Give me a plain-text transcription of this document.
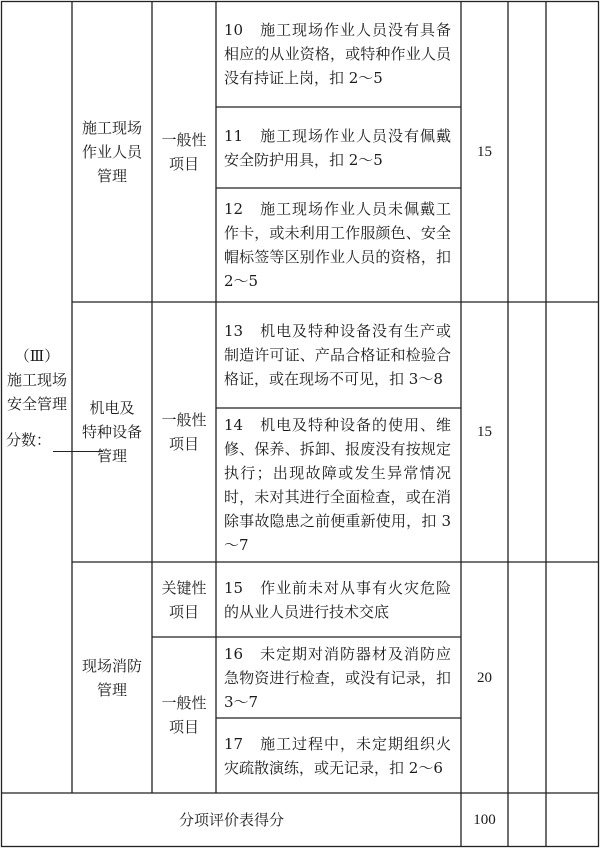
（Ⅲ）
施工现场
安全管理
分数：
施工现场
作业人员
管理
一般性
项目
15
机电及
特种设备
管理
一般性
项目
15
现场消防
管理
关键性
项目
一般性
项目
20
10　施工现场作业人员没有具备相应的从业资格，或特种作业人员没有持证上岗，扣 2～5
11　施工现场作业人员没有佩戴安全防护用具，扣 2～5
12　施工现场作业人员未佩戴工作卡，或未利用工作服颜色、安全帽标签等区别作业人员的资格，扣 2～5
13　机电及特种设备没有生产或制造许可证、产品合格证和检验合格证，或在现场不可见，扣 3～8
14　机电及特种设备的使用、维修、保养、拆卸、报废没有按规定执行；出现故障或发生异常情况时，未对其进行全面检查，或在消除事故隐患之前便重新使用，扣 3～7
15　作业前未对从事有火灾危险的从业人员进行技术交底
16　未定期对消防器材及消防应急物资进行检查，或没有记录，扣3～7
17　施工过程中，未定期组织火灾疏散演练，或无记录，扣 2～6
分项评价表得分	100
